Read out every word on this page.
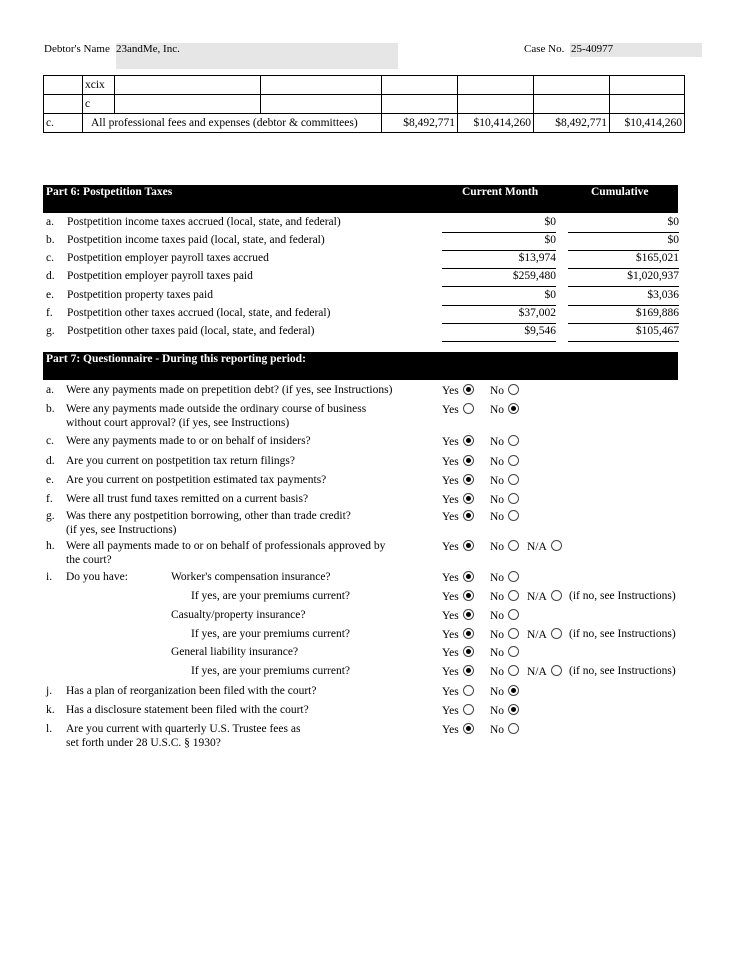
Debtor's Name 23andMe, Inc.	Case No. 25-40977
	xcix						
	c						
c.	All professional fees and expenses (debtor & committees)			$8,492,771	$10,414,260	$8,492,771	$10,414,260
Part 6: Postpetition Taxes	Current Month	Cumulative
a. Postpetition income taxes accrued (local, state, and federal)	$0	$0
b. Postpetition income taxes paid (local, state, and federal)	$0	$0
c. Postpetition employer payroll taxes accrued	$13,974	$165,021
d. Postpetition employer payroll taxes paid	$259,480	$1,020,937
e. Postpetition property taxes paid	$0	$3,036
f. Postpetition other taxes accrued (local, state, and federal)	$37,002	$169,886
g. Postpetition other taxes paid (local, state, and federal)	$9,546	$105,467
Part 7: Questionnaire - During this reporting period:
a. Were any payments made on prepetition debt? (if yes, see Instructions)	Yes	No
b. Were any payments made outside the ordinary course of business
without court approval? (if yes, see Instructions)
Yes	No
c. Were any payments made to or on behalf of insiders?	Yes	No
d. Are you current on postpetition tax return filings?	Yes	No
e. Are you current on postpetition estimated tax payments?	Yes	No
f. Were all trust fund taxes remitted on a current basis?	Yes	No
g. Was there any postpetition borrowing, other than trade credit?
(if yes, see Instructions)
Yes	No
h. Were all payments made to or on behalf of professionals approved by
the court?
Yes	No	N/A
i. Do you have:	Worker's compensation insurance?	Yes	No
If yes, are your premiums current?	Yes	No	N/A	(if no, see Instructions)
Casualty/property insurance?	Yes	No
If yes, are your premiums current?	Yes	No	N/A	(if no, see Instructions)
General liability insurance?	Yes	No
If yes, are your premiums current?	Yes	No	N/A	(if no, see Instructions)
j. Has a plan of reorganization been filed with the court?	Yes	No
k. Has a disclosure statement been filed with the court?	Yes	No
l. Are you current with quarterly U.S. Trustee fees as
set forth under 28 U.S.C. § 1930?
Yes	No
